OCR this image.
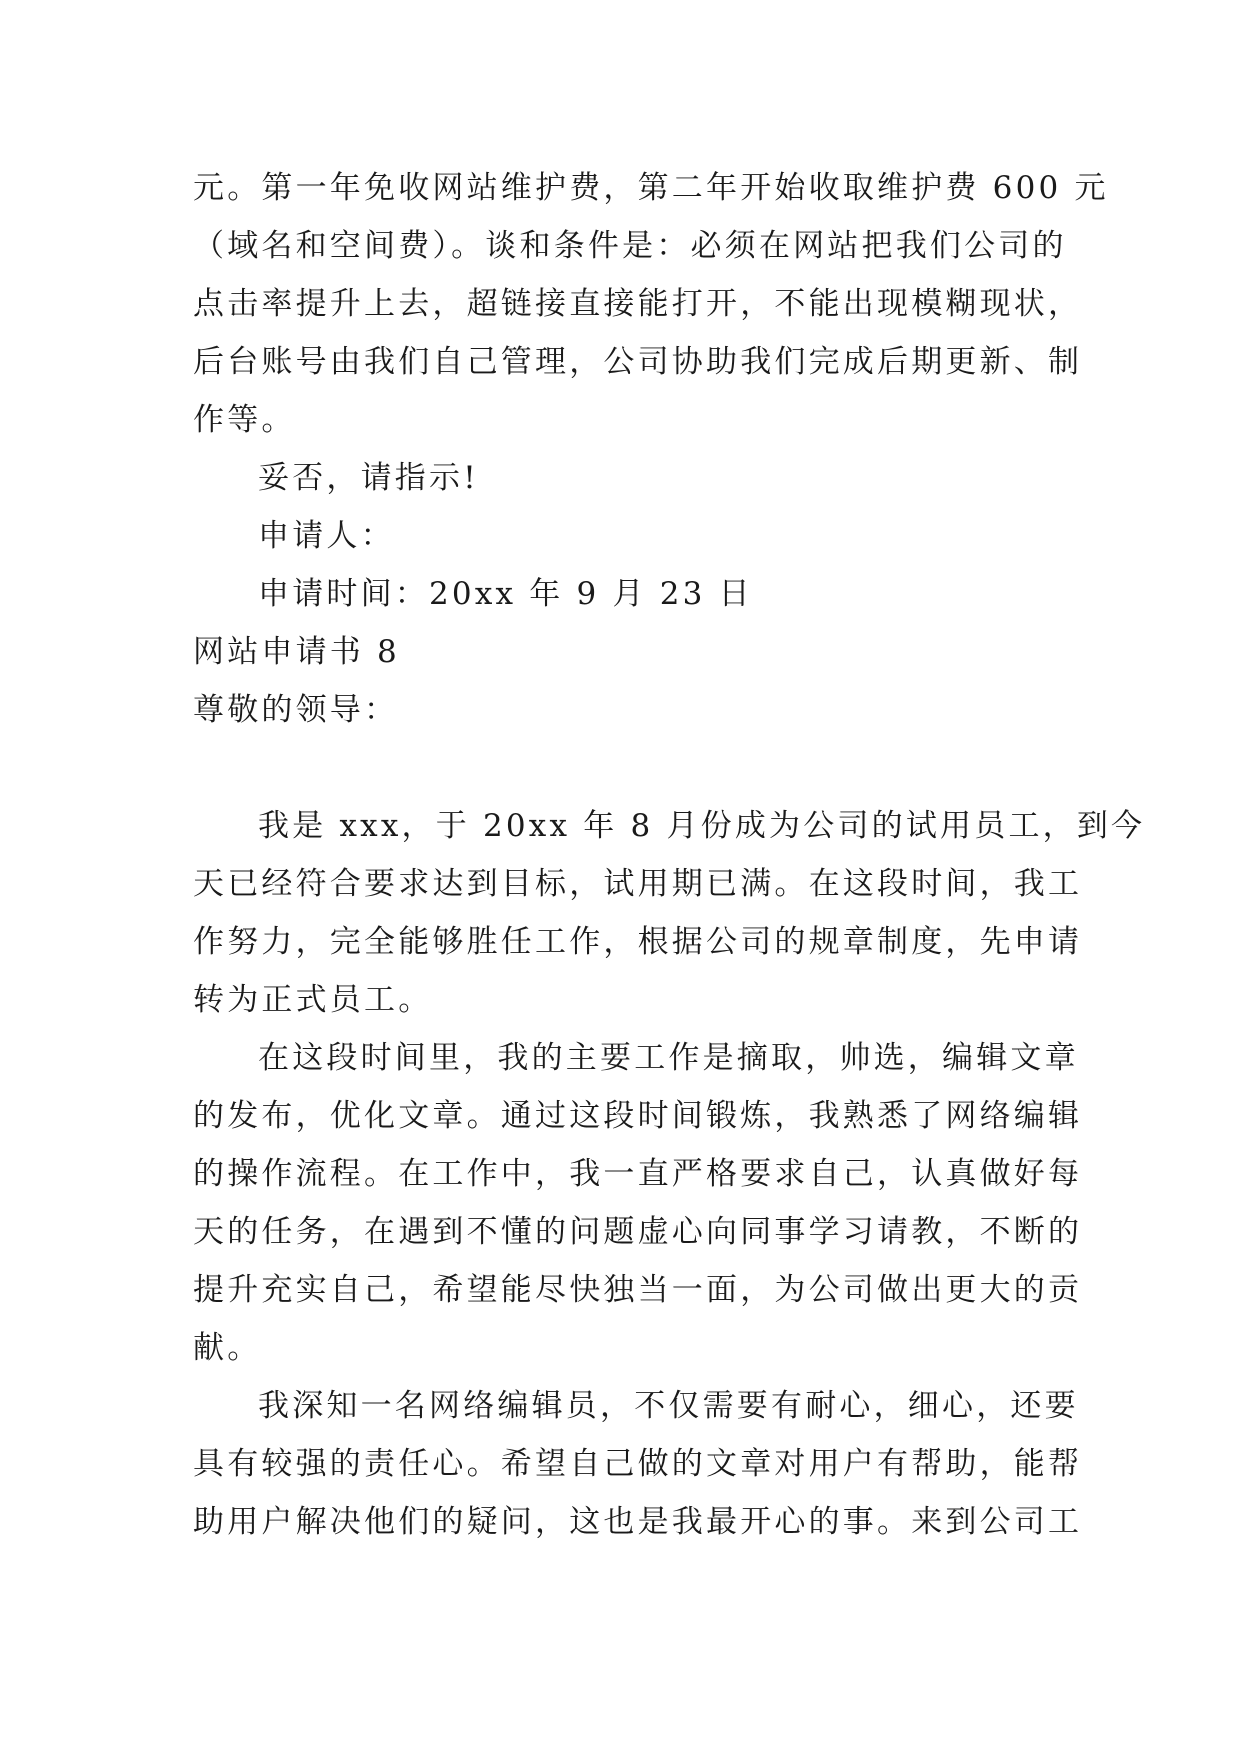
元。第一年免收网站维护费，第二年开始收取维护费 600 元
（域名和空间费）。谈和条件是：必须在网站把我们公司的
点击率提升上去，超链接直接能打开，不能出现模糊现状，
后台账号由我们自己管理，公司协助我们完成后期更新、制
作等。
妥否，请指示!
申请人：
申请时间：20xx 年 9 月 23 日
网站申请书 8
尊敬的领导：
我是 xxx，于 20xx 年 8 月份成为公司的试用员工，到今
天已经符合要求达到目标，试用期已满。在这段时间，我工
作努力，完全能够胜任工作，根据公司的规章制度，先申请
转为正式员工。
在这段时间里，我的主要工作是摘取，帅选，编辑文章
的发布，优化文章。通过这段时间锻炼，我熟悉了网络编辑
的操作流程。在工作中，我一直严格要求自己，认真做好每
天的任务，在遇到不懂的问题虚心向同事学习请教，不断的
提升充实自己，希望能尽快独当一面，为公司做出更大的贡
献。
我深知一名网络编辑员，不仅需要有耐心，细心，还要
具有较强的责任心。希望自己做的文章对用户有帮助，能帮
助用户解决他们的疑问，这也是我最开心的事。来到公司工
